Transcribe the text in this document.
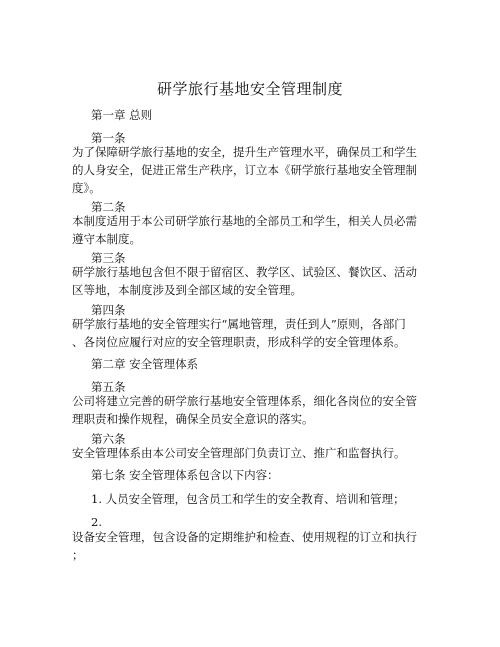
研学旅行基地安全管理制度
第一章 总则
第一条
为了保障研学旅行基地的安全，提升生产管理水平，确保员工和学生
的人身安全，促进正常生产秩序，订立本《研学旅行基地安全管理制
度》。
第二条
本制度适用于本公司研学旅行基地的全部员工和学生，相关人员必需
遵守本制度。
第三条
研学旅行基地包含但不限于留宿区、教学区、试验区、餐饮区、活动
区等地，本制度涉及到全部区域的安全管理。
第四条
研学旅行基地的安全管理实行“属地管理，责任到人”原则，各部门
、各岗位应履行对应的安全管理职责，形成科学的安全管理体系。
第二章 安全管理体系
第五条
公司将建立完善的研学旅行基地安全管理体系，细化各岗位的安全管
理职责和操作规程，确保全员安全意识的落实。
第六条
安全管理体系由本公司安全管理部门负责订立、推广和监督执行。
第七条 安全管理体系包含以下内容：
1. 人员安全管理，包含员工和学生的安全教育、培训和管理；
2.
设备安全管理，包含设备的定期维护和检查、使用规程的订立和执行
；
